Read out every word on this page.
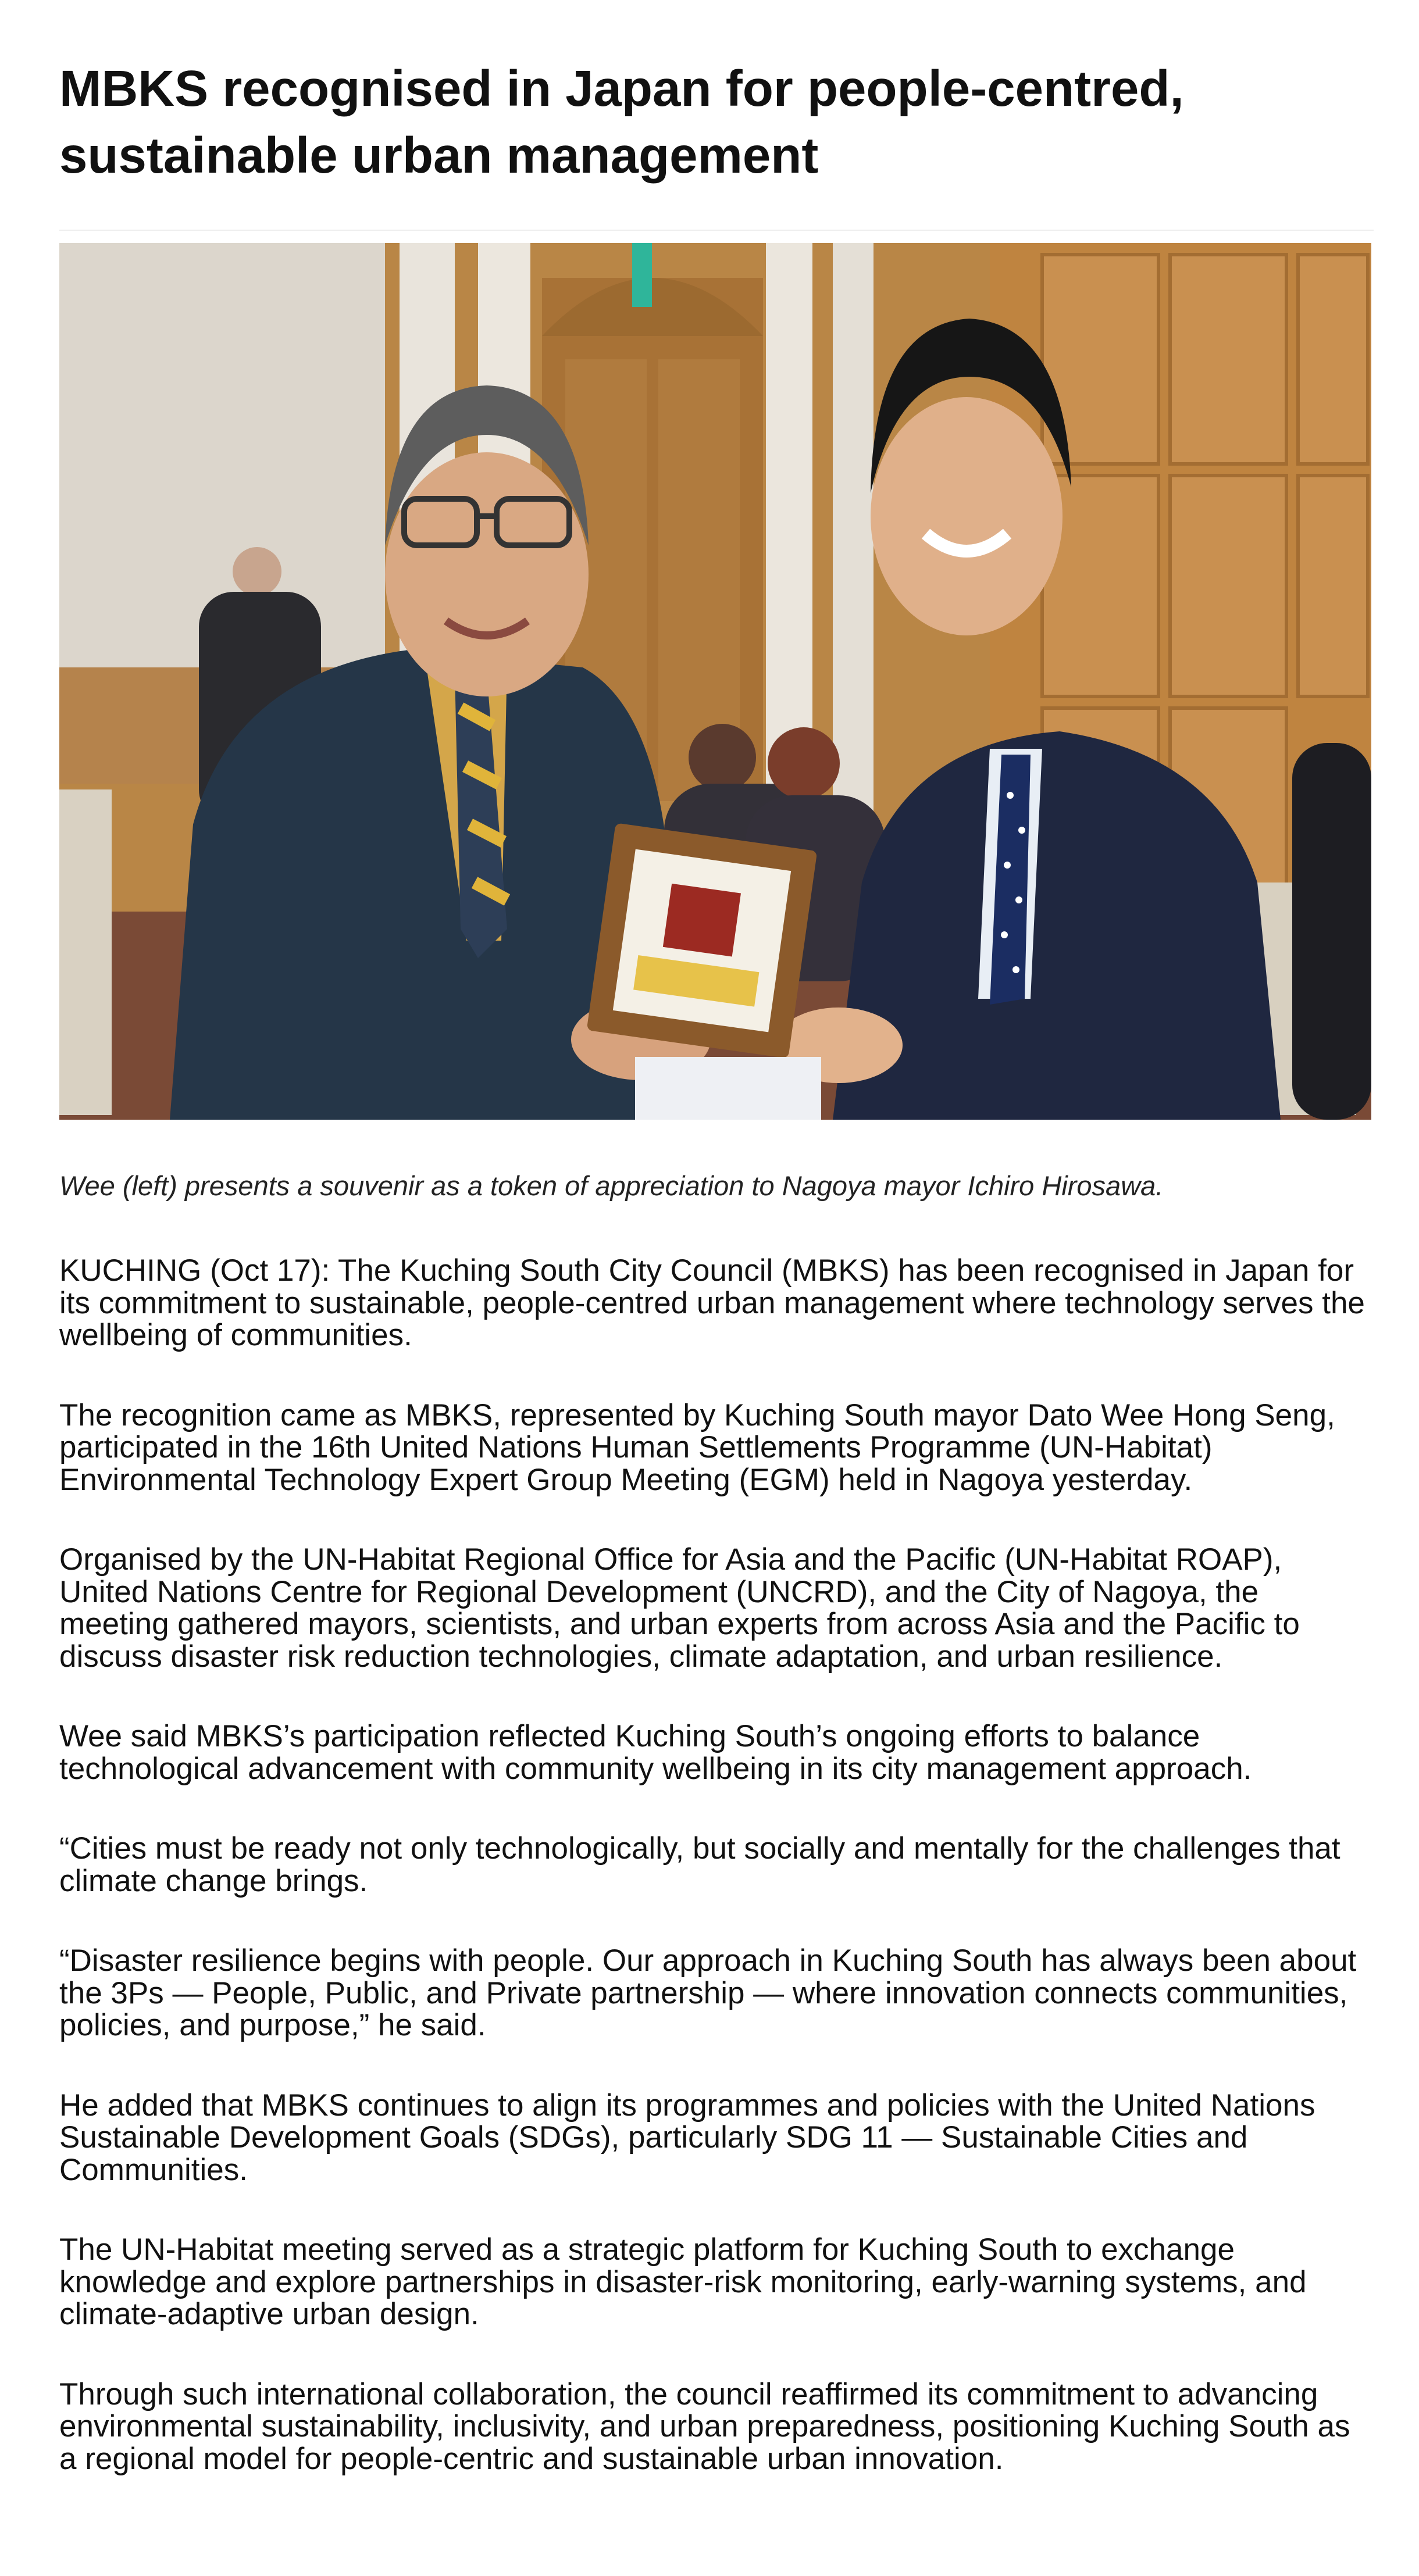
MBKS recognised in Japan for people-centred, sustainable urban management

Wee (left) presents a souvenir as a token of appreciation to Nagoya mayor Ichiro Hirosawa.

KUCHING (Oct 17): The Kuching South City Council (MBKS) has been recognised in Japan for its commitment to sustainable, people-centred urban management where technology serves the wellbeing of communities.

The recognition came as MBKS, represented by Kuching South mayor Dato Wee Hong Seng, participated in the 16th United Nations Human Settlements Programme (UN-Habitat) Environmental Technology Expert Group Meeting (EGM) held in Nagoya yesterday.

Organised by the UN-Habitat Regional Office for Asia and the Pacific (UN-Habitat ROAP), United Nations Centre for Regional Development (UNCRD), and the City of Nagoya, the meeting gathered mayors, scientists, and urban experts from across Asia and the Pacific to discuss disaster risk reduction technologies, climate adaptation, and urban resilience.

Wee said MBKS’s participation reflected Kuching South’s ongoing efforts to balance technological advancement with community wellbeing in its city management approach.

“Cities must be ready not only technologically, but socially and mentally for the challenges that climate change brings.

“Disaster resilience begins with people. Our approach in Kuching South has always been about the 3Ps — People, Public, and Private partnership — where innovation connects communities, policies, and purpose,” he said.

He added that MBKS continues to align its programmes and policies with the United Nations Sustainable Development Goals (SDGs), particularly SDG 11 — Sustainable Cities and Communities.

The UN-Habitat meeting served as a strategic platform for Kuching South to exchange knowledge and explore partnerships in disaster-risk monitoring, early-warning systems, and climate-adaptive urban design.

Through such international collaboration, the council reaffirmed its commitment to advancing environmental sustainability, inclusivity, and urban preparedness, positioning Kuching South as a regional model for people-centric and sustainable urban innovation.
